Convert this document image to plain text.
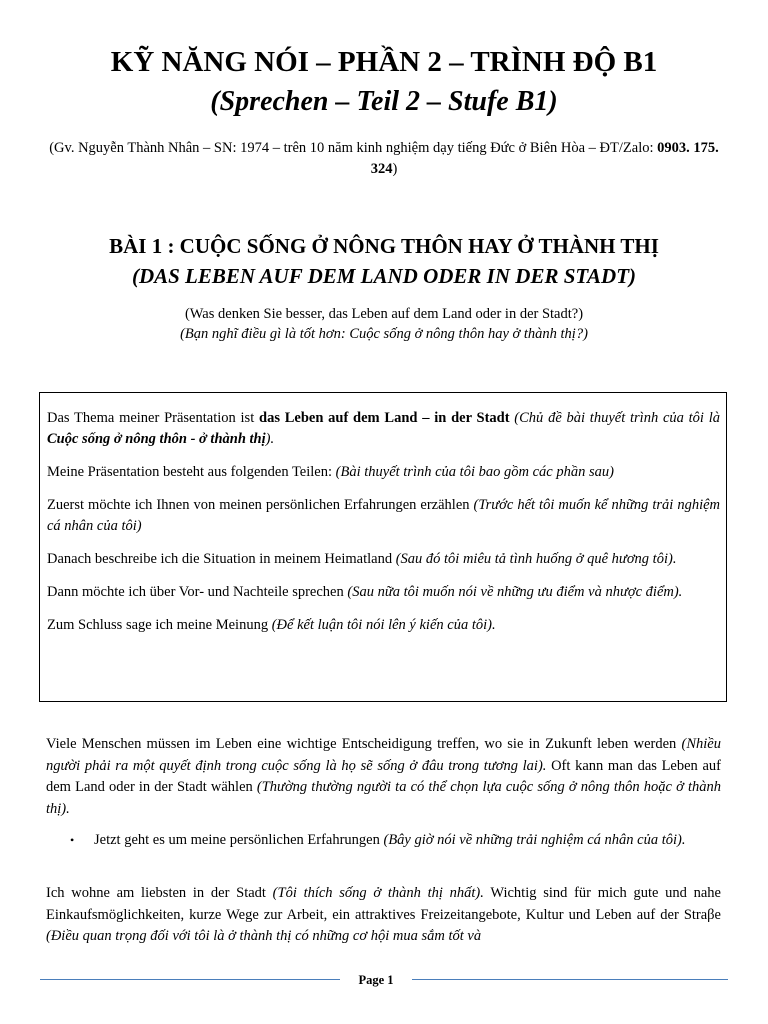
KỸ NĂNG NÓI – PHẦN 2 – TRÌNH ĐỘ B1
(Sprechen – Teil 2 – Stufe B1)
(Gv. Nguyễn Thành Nhân – SN: 1974 – trên 10 năm kinh nghiệm dạy tiếng Đức ở Biên Hòa – ĐT/Zalo: 0903. 175. 324)
BÀI 1 : CUỘC SỐNG Ở NÔNG THÔN HAY Ở THÀNH THỊ
(DAS LEBEN AUF DEM LAND ODER IN DER STADT)
(Was denken Sie besser, das Leben auf dem Land oder in der Stadt?)
(Bạn nghĩ điều gì là tốt hơn: Cuộc sống ở nông thôn hay ở thành thị?)

Das Thema meiner Präsentation ist das Leben auf dem Land – in der Stadt (Chủ đề bài thuyết trình của tôi là Cuộc sống ở nông thôn - ở thành thị).

Meine Präsentation besteht aus folgenden Teilen: (Bài thuyết trình của tôi bao gồm các phần sau)

Zuerst möchte ich Ihnen von meinen persönlichen Erfahrungen erzählen (Trước hết tôi muốn kể những trải nghiệm cá nhân của tôi)

Danach beschreibe ich die Situation in meinem Heimatland (Sau đó tôi miêu tả tình huống ở quê hương tôi).

Dann möchte ich über Vor- und Nachteile sprechen (Sau nữa tôi muốn nói về những ưu điểm và nhược điểm).

Zum Schluss sage ich meine Meinung (Để kết luận tôi nói lên ý kiến của tôi).

Viele Menschen müssen im Leben eine wichtige Entscheidigung treffen, wo sie in Zukunft leben werden (Nhiều người phải ra một quyết định trong cuộc sống là họ sẽ sống ở đâu trong tương lai). Oft kann man das Leben auf dem Land oder in der Stadt wählen (Thường thường người ta có thể chọn lựa cuộc sống ở nông thôn hoặc ở thành thị).

•	Jetzt geht es um meine persönlichen Erfahrungen (Bây giờ nói về những trải nghiệm cá nhân của tôi).

Ich wohne am liebsten in der Stadt (Tôi thích sống ở thành thị nhất). Wichtig sind für mich gute und nahe Einkaufsmöglichkeiten, kurze Wege zur Arbeit, ein attraktives Freizeitangebote, Kultur und Leben auf der Straβe (Điều quan trọng đối với tôi là ở thành thị có những cơ hội mua sắm tốt và

Page 1
